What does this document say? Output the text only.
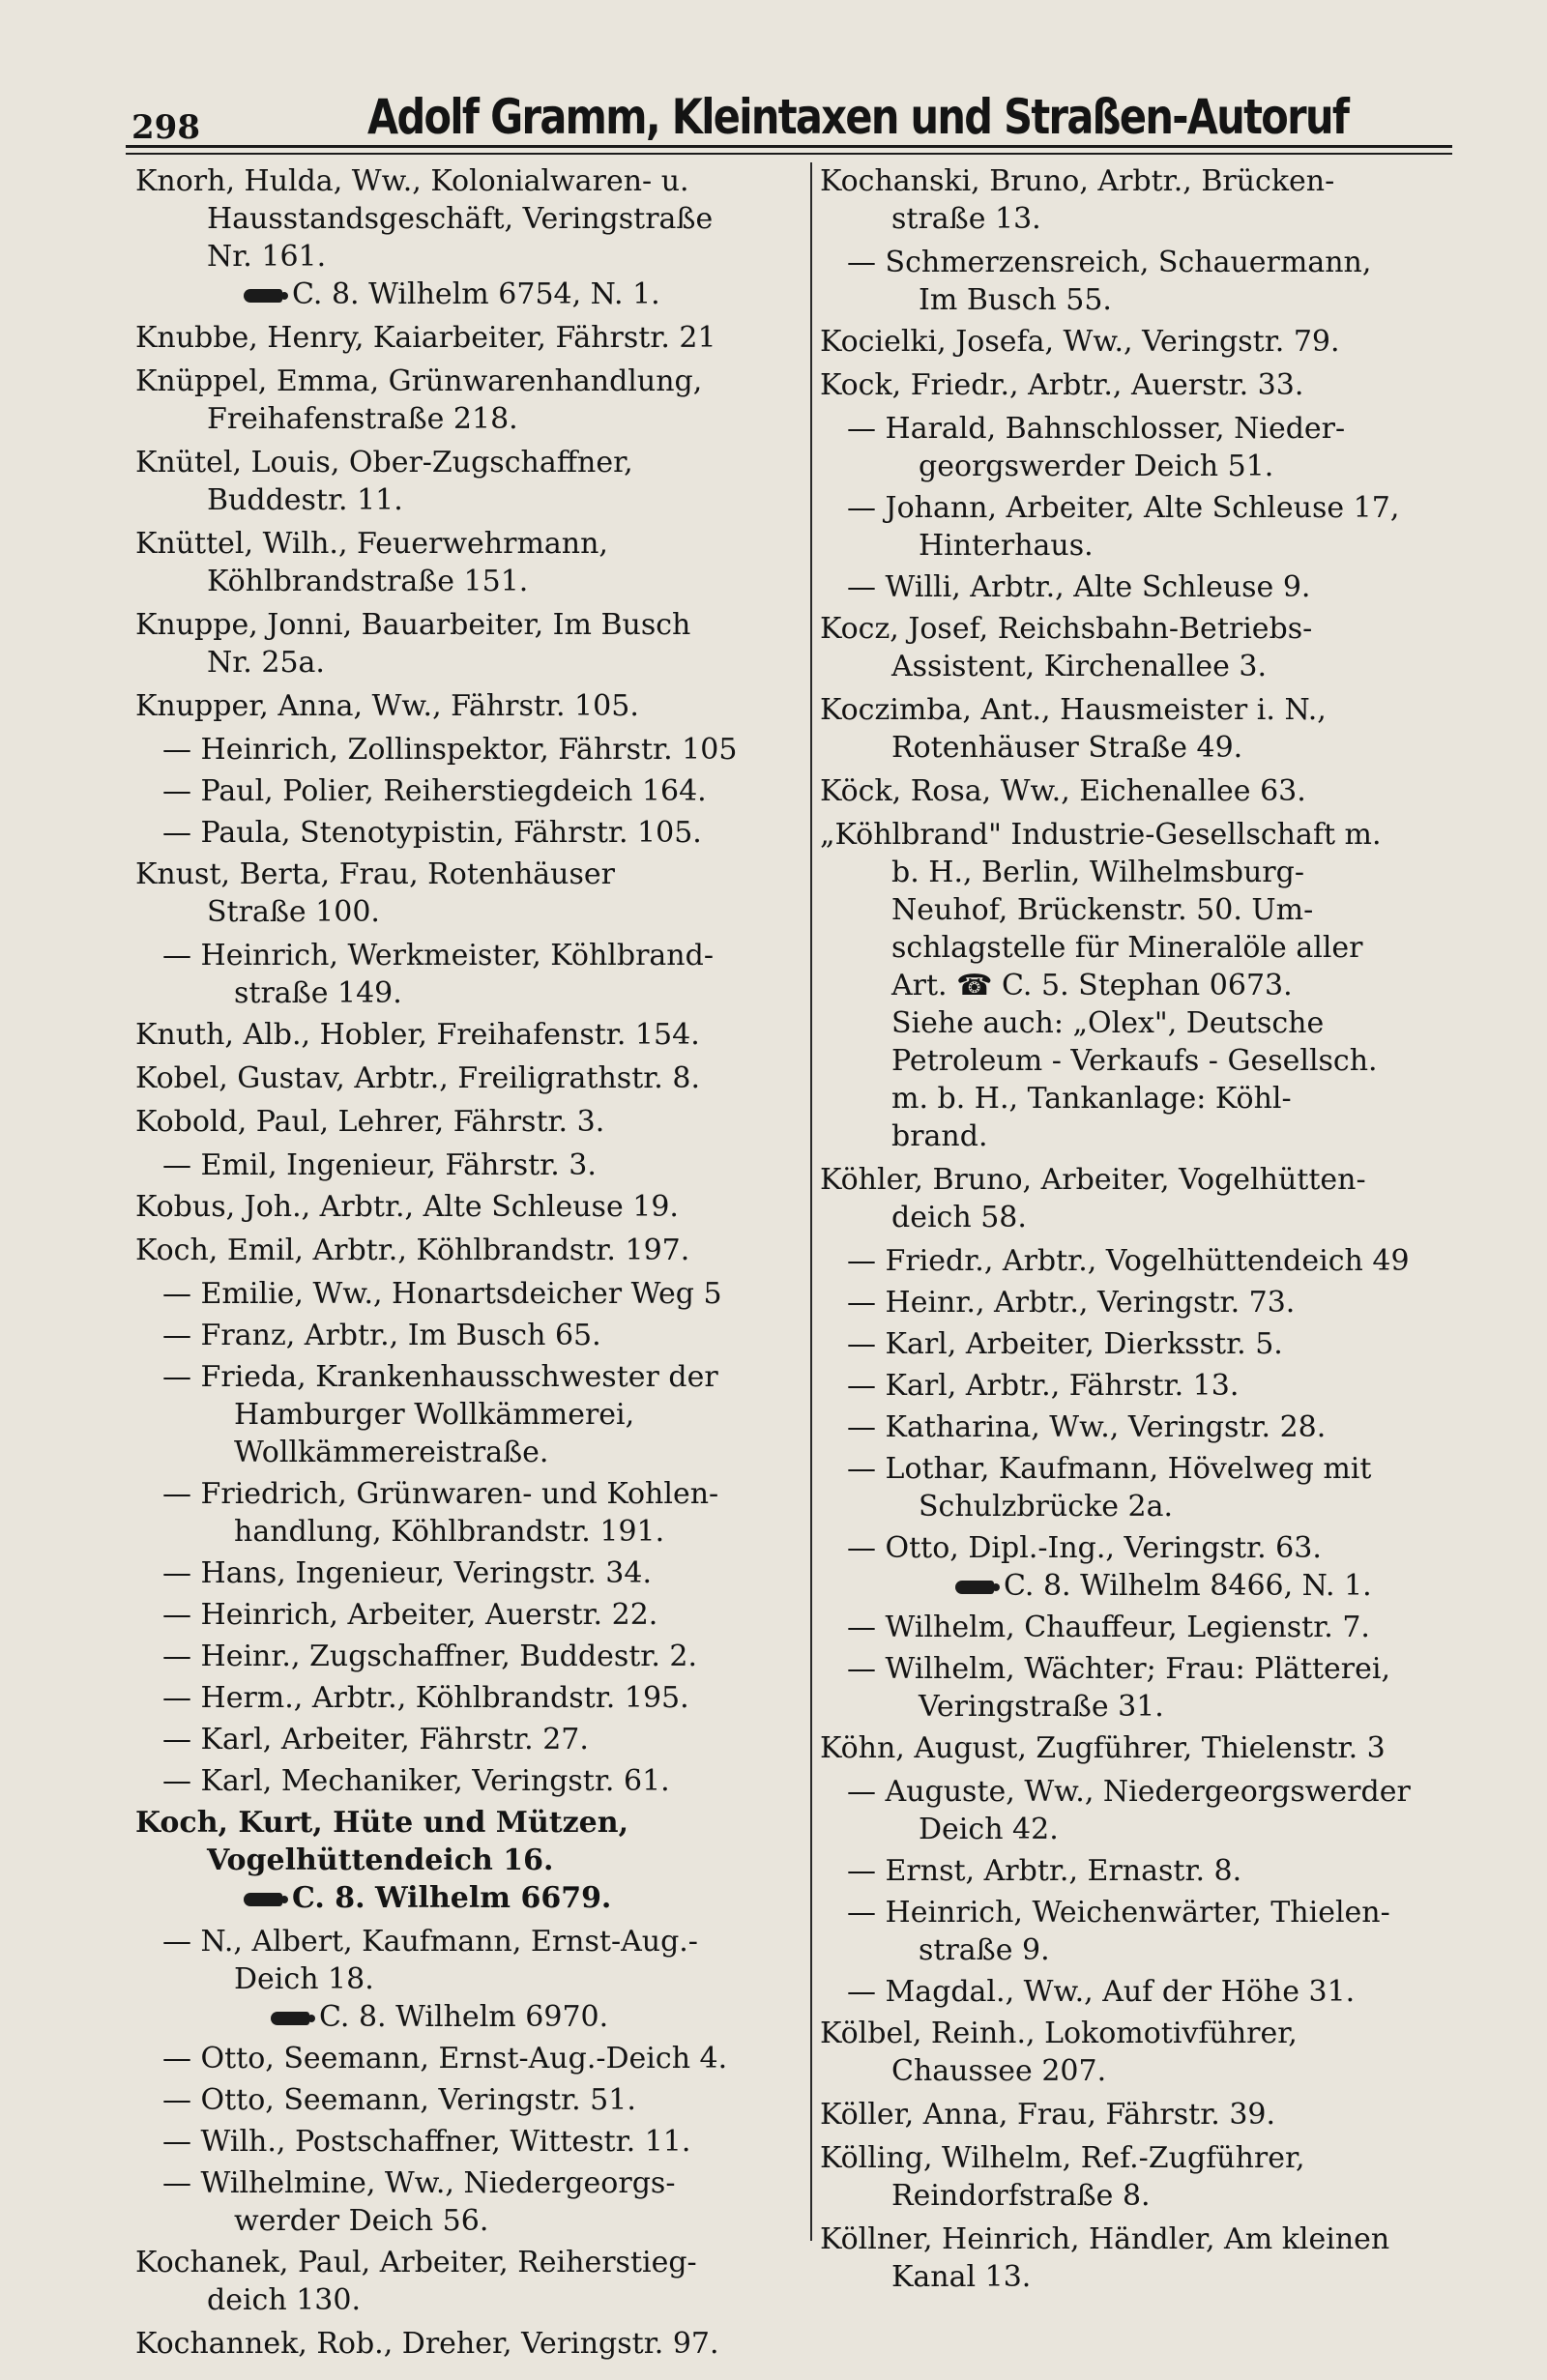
298	Adolf Gramm, Kleintaxen und Straßen-Autoruf
Knorh, Hulda, Ww., Kolonialwaren- u.
Hausstandsgeschäft, Veringstraße
Nr. 161.
C. 8. Wilhelm 6754, N. 1.
Knubbe, Henry, Kaiarbeiter, Fährstr. 21
Knüppel, Emma, Grünwarenhandlung,
Freihafenstraße 218.
Knütel, Louis, Ober-Zugschaffner,
Buddestr. 11.
Knüttel, Wilh., Feuerwehrmann,
Köhlbrandstraße 151.
Knuppe, Jonni, Bauarbeiter, Im Busch
Nr. 25a.
Knupper, Anna, Ww., Fährstr. 105.
— Heinrich, Zollinspektor, Fährstr. 105
— Paul, Polier, Reiherstiegdeich 164.
— Paula, Stenotypistin, Fährstr. 105.
Knust, Berta, Frau, Rotenhäuser
Straße 100.
— Heinrich, Werkmeister, Köhlbrand-
straße 149.
Knuth, Alb., Hobler, Freihafenstr. 154.
Kobel, Gustav, Arbtr., Freiligrathstr. 8.
Kobold, Paul, Lehrer, Fährstr. 3.
— Emil, Ingenieur, Fährstr. 3.
Kobus, Joh., Arbtr., Alte Schleuse 19.
Koch, Emil, Arbtr., Köhlbrandstr. 197.
— Emilie, Ww., Honartsdeicher Weg 5
— Franz, Arbtr., Im Busch 65.
— Frieda, Krankenhausschwester der
Hamburger Wollkämmerei,
Wollkämmereistraße.
— Friedrich, Grünwaren- und Kohlen-
handlung, Köhlbrandstr. 191.
— Hans, Ingenieur, Veringstr. 34.
— Heinrich, Arbeiter, Auerstr. 22.
— Heinr., Zugschaffner, Buddestr. 2.
— Herm., Arbtr., Köhlbrandstr. 195.
— Karl, Arbeiter, Fährstr. 27.
— Karl, Mechaniker, Veringstr. 61.
Koch, Kurt, Hüte und Mützen,
Vogelhüttendeich 16.
C. 8. Wilhelm 6679.
— N., Albert, Kaufmann, Ernst-Aug.-
Deich 18.
C. 8. Wilhelm 6970.
— Otto, Seemann, Ernst-Aug.-Deich 4.
— Otto, Seemann, Veringstr. 51.
— Wilh., Postschaffner, Wittestr. 11.
— Wilhelmine, Ww., Niedergeorgs-
werder Deich 56.
Kochanek, Paul, Arbeiter, Reiherstieg-
deich 130.
Kochannek, Rob., Dreher, Veringstr. 97.
Kochanski, Bruno, Arbtr., Brücken-
straße 13.
— Schmerzensreich, Schauermann,
Im Busch 55.
Kocielki, Josefa, Ww., Veringstr. 79.
Kock, Friedr., Arbtr., Auerstr. 33.
— Harald, Bahnschlosser, Nieder-
georgswerder Deich 51.
— Johann, Arbeiter, Alte Schleuse 17,
Hinterhaus.
— Willi, Arbtr., Alte Schleuse 9.
Kocz, Josef, Reichsbahn-Betriebs-
Assistent, Kirchenallee 3.
Koczimba, Ant., Hausmeister i. N.,
Rotenhäuser Straße 49.
Köck, Rosa, Ww., Eichenallee 63.
„Köhlbrand" Industrie-Gesellschaft m.
b. H., Berlin, Wilhelmsburg-
Neuhof, Brückenstr. 50. Um-
schlagstelle für Mineralöle aller
Art. ☎ C. 5. Stephan 0673.
Siehe auch: „Olex", Deutsche
Petroleum - Verkaufs - Gesellsch.
m. b. H., Tankanlage: Köhl-
brand.
Köhler, Bruno, Arbeiter, Vogelhütten-
deich 58.
— Friedr., Arbtr., Vogelhüttendeich 49
— Heinr., Arbtr., Veringstr. 73.
— Karl, Arbeiter, Dierksstr. 5.
— Karl, Arbtr., Fährstr. 13.
— Katharina, Ww., Veringstr. 28.
— Lothar, Kaufmann, Hövelweg mit
Schulzbrücke 2a.
— Otto, Dipl.-Ing., Veringstr. 63.
C. 8. Wilhelm 8466, N. 1.
— Wilhelm, Chauffeur, Legienstr. 7.
— Wilhelm, Wächter; Frau: Plätterei,
Veringstraße 31.
Köhn, August, Zugführer, Thielenstr. 3
— Auguste, Ww., Niedergeorgswerder
Deich 42.
— Ernst, Arbtr., Ernastr. 8.
— Heinrich, Weichenwärter, Thielen-
straße 9.
— Magdal., Ww., Auf der Höhe 31.
Kölbel, Reinh., Lokomotivführer,
Chaussee 207.
Köller, Anna, Frau, Fährstr. 39.
Kölling, Wilhelm, Ref.-Zugführer,
Reindorfstraße 8.
Köllner, Heinrich, Händler, Am kleinen
Kanal 13.
